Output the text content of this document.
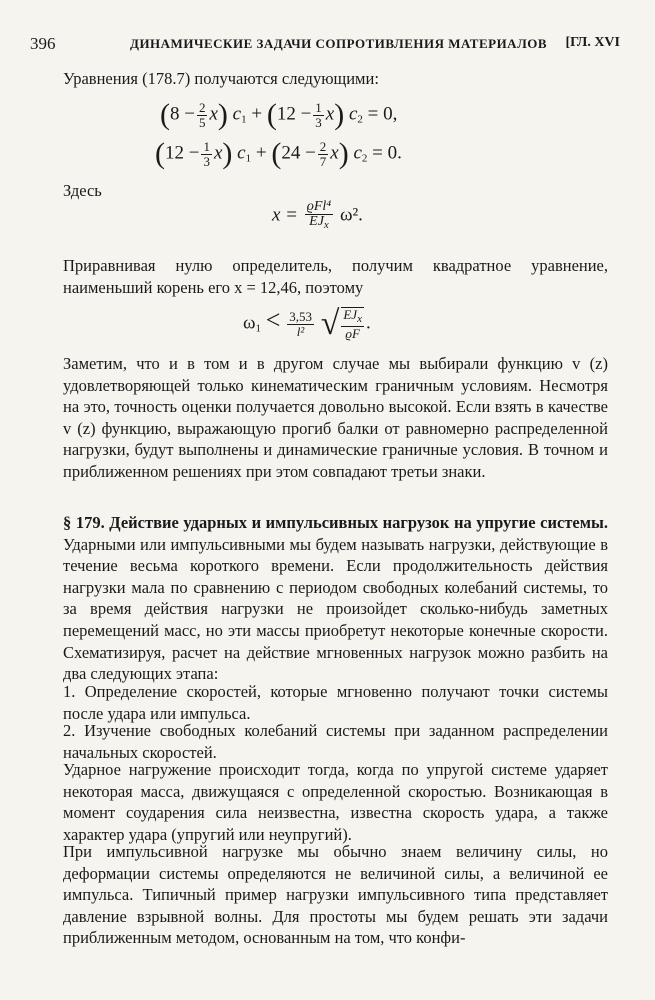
396	ДИНАМИЧЕСКИЕ ЗАДАЧИ СОПРОТИВЛЕНИЯ МАТЕРИАЛОВ [ГЛ. XVI
Уравнения (178.7) получаются следующими:
$(8 - \frac{2}{5} x)$ $c_1 + (12 - \frac{1}{3} x) c_2 = 0$,
$(12 - \frac{1}{3} x)$ $c_1 + (24 - \frac{2}{7} x) c_2 = 0$.
Здесь
$x = \frac{\text{ϱFl⁴}}{EJ_x} \omega^2$.
Приравнивая нулю определитель, получим квадратное уравнение, наименьший корень его x = 12,46, поэтому
$\omega_1 < \frac{3,53}{\text{l²}}$ √ $\frac{EJ_x}{ϱF}$ .
Заметим, что и в том и в другом случае мы выбирали функцию v (z) удовлетворяющей только кинематическим граничным условиям. Несмотря на это, точность оценки получается довольно высокой. Если взять в качестве v (z) функцию, выражающую прогиб балки от равномерно распределенной нагрузки, будут выполнены и динамические граничные условия. В точном и приближенном решениях при этом совпадают третьи знаки.
§ 179. Действие ударных и импульсивных нагрузок на упругие системы. Ударными или импульсивными мы будем называть нагрузки, действующие в течение весьма короткого времени. Если продолжительность действия нагрузки мала по сравнению с периодом свободных колебаний системы, то за время действия нагрузки не произойдет сколько-нибудь заметных перемещений масс, но эти массы приобретут некоторые конечные скорости. Схематизируя, расчет на действие мгновенных нагрузок можно разбить на два следующих этапа:
1. Определение скоростей, которые мгновенно получают точки системы после удара или импульса.
2. Изучение свободных колебаний системы при заданном распределении начальных скоростей.
Ударное нагружение происходит тогда, когда по упругой системе ударяет некоторая масса, движущаяся с определенной скоростью. Возникающая в момент соударения сила неизвестна, известна скорость удара, а также характер удара (упругий или неупругий).
При импульсивной нагрузке мы обычно знаем величину силы, но деформации системы определяются не величиной силы, а величиной ее импульса. Типичный пример нагрузки импульсивного типа представляет давление взрывной волны. Для простоты мы будем решать эти задачи приближенным методом, основанным на том, что конфи-
